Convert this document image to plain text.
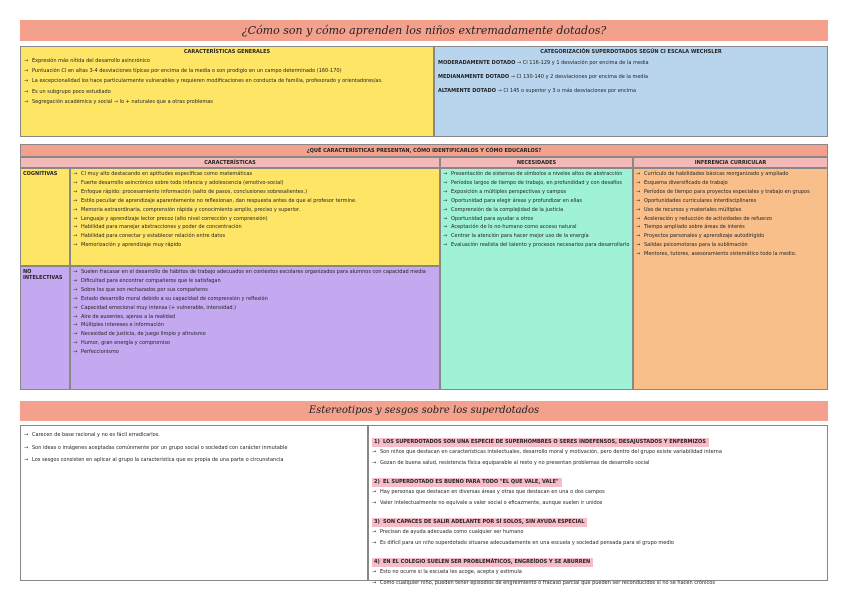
¿Cómo son y cómo aprenden los niños extremadamente dotados?
CARACTERÍSTICAS GENERALES
→ Expresión más nítida del desarrollo asincrónico
→ Puntuación CI en altas 3-4 desviaciones típicas por encima de la media o son prodigio en un campo determinado (160-170)
→ La excepcionalidad los hace particularmente vulnerables y requieren modificaciones en conducta de familia, profesorado y orientadores/as.
→ Es un subgrupo poco estudiado
→ Segregación académica y social → lo + naturales que a otras problemas
CATEGORIZACIÓN SUPERDOTADOS SEGÚN CI ESCALA WECHSLER
MODERADAMENTE DOTADO → CI 116-129 y 1 desviación por encima de la media
MEDIANAMENTE DOTADO → CI 130-140 y 2 desviaciones por encima de la media
ALTAMENTE DOTADO → CI 145 o superior y 3 o más desviaciones por encima
¿QUÉ CARACTERÍSTICAS PRESENTAN, CÓMO IDENTIFICARLOS Y CÓMO EDUCARLOS?
CARACTERÍSTICAS	NECESIDADES	INFERENCIA CURRICULAR
COGNITIVAS
NO INTELECTIVAS
→ CI muy alto destacando en aptitudes específicas como matemáticas
→ Fuerte desarrollo asincrónico sobre todo infancia y adolescencia (emotivo-social)
→ Enfoque rápido: procesamiento información (salto de pasos, conclusiones sobresalientes.)
→ Estilo peculiar de aprendizaje aparentemente no reflexionan, dan respuesta antes de que el profesor termine.
→ Memoria extraordinaria, comprensión rápida y conocimiento amplio, preciso y superior.
→ Lenguaje y aprendizaje lector precoz (alto nivel corrección y comprensión)
→ Habilidad para manejar abstracciones y poder de concentración
→ Habilidad para conectar y establecer relación entre datos
→ Memorización y aprendizaje muy rápido
→ Suelen fracasar en el desarrollo de hábitos de trabajo adecuados en contextos escolares organizados para alumnos con capacidad media
→ Dificultad para encontrar compañeros que le satisfagan
→ Sobre los que son rechazados por sus compañeros
→ Estado desarrollo moral debido a su capacidad de comprensión y reflexión
→ Capacidad emocional muy intensa (+ vulnerable, intensidad.)
→ Aire de ausentes, ajenos a la realidad
→ Múltiples intereses e información
→ Necesidad de justicia, de juego limpio y altruismo
→ Humor, gran energía y compromiso
→ Perfeccionismo
→ Presentación de sistemas de símbolos a niveles altos de abstracción
→ Períodos largos de tiempo de trabajo, en profundidad y con desafíos
→ Exposición a múltiples perspectivas y campos
→ Oportunidad para elegir áreas y profundizar en ellas
→ Comprensión de la complejidad de la justicia
→ Oportunidad para ayudar a otros
→ Aceptación de lo no-humano como acceso natural
→ Centrar la atención para hacer mejor uso de la energía
→ Evaluación realista del talento y procesos necesarios para desarrollarlo
→ Currículo de habilidades básicas reorganizado y ampliado
→ Esquema diversificado de trabajo
→ Períodos de tiempo para proyectos especiales y trabajo en grupos
→ Oportunidades curriculares interdisciplinares
→ Uso de recursos y materiales múltiples
→ Aceleración y reducción de actividades de refuerzo
→ Tiempo ampliado sobre áreas de interés
→ Proyectos personales y aprendizaje autodirigido
→ Salidas psicomotoras para la sublimación
→ Mentores, tutores, asesoramiento sistemático todo la medio.
Estereotipos y sesgos sobre los superdotados
→ Carecen de base racional y no es fácil erradicarlos.
→ Son ideas o imágenes aceptadas comúnmente por un grupo social o sociedad con carácter inmutable
→ Los sesgos consisten en aplicar al grupo la característica que es propia de una parte o circunstancia
1) LOS SUPERDOTADOS SON UNA ESPECIE DE SUPERHOMBRES O SERES INDEFENSOS, DESAJUSTADOS Y ENFERMIZOS
→ Son niños que destacan en características intelectuales, desarrollo moral y motivación, pero dentro del grupo existe variabilidad interna
→ Gozan de buena salud, resistencia física equiparable al resto y no presentan problemas de desarrollo social
2) EL SUPERDOTADO ES BUENO PARA TODO "EL QUE VALE, VALE"
→ Hay personas que destacan en diversas áreas y otras que destacan en una o dos campos
→ Valer intelectualmente no equivale a valer social o eficazmente, aunque suelen ir unidos
3) SON CAPACES DE SALIR ADELANTE POR SÍ SOLOS, SIN AYUDA ESPECIAL
→ Precisan de ayuda adecuada como cualquier ser humano
→ Es difícil para un niño superdotado situarse adecuadamente en una escuela y sociedad pensada para el grupo medio
4) EN EL COLEGIO SUELEN SER PROBLEMÁTICOS, ENGREÍDOS Y SE ABURREN
→ Esto no ocurre si la escuela les acoge, acepta y estimula
→ Como cualquier niño, pueden tener episodios de engreimiento o fracaso parcial que pueden ser reconducidos si no se hacen crónicos
